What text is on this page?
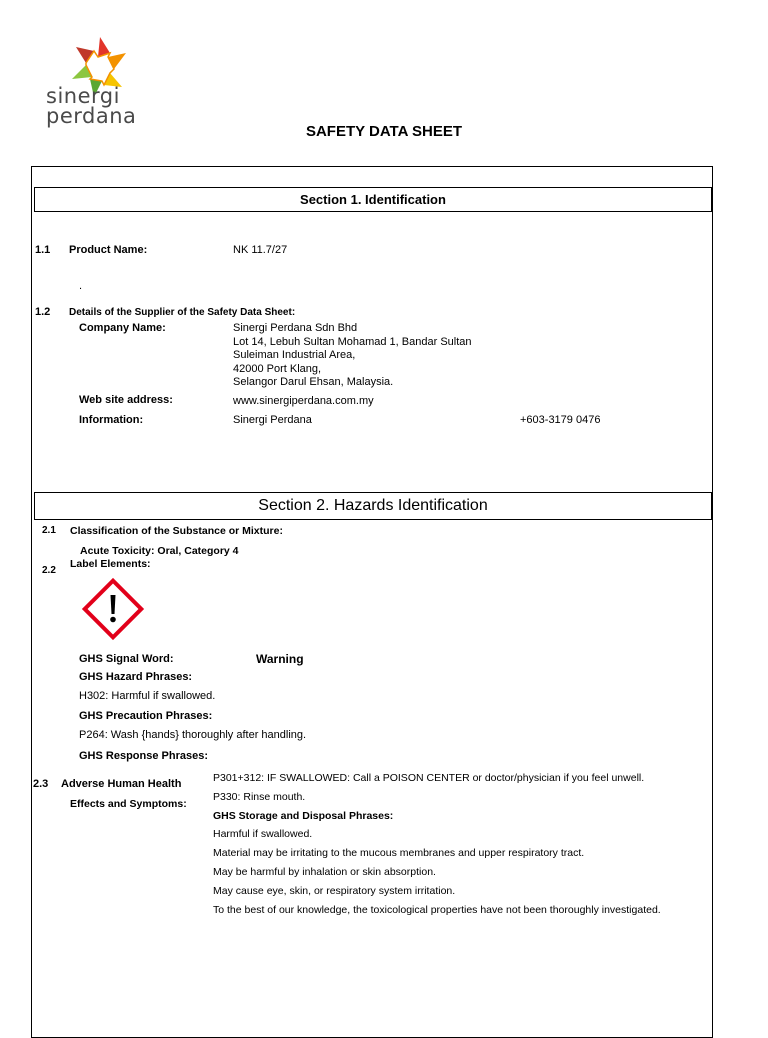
sinergi
perdana
SAFETY DATA SHEET
Section 1. Identification
1.1 Product Name:	NK 11.7/27
.
1.2 Details of the Supplier of the Safety Data Sheet:
Company Name:	Sinergi Perdana Sdn Bhd
Lot 14, Lebuh Sultan Mohamad 1, Bandar Sultan
Suleiman Industrial Area,
42000 Port Klang,
Selangor Darul Ehsan, Malaysia.
Web site address:	www.sinergiperdana.com.my
Information:	Sinergi Perdana	+603-3179 0476
Section 2. Hazards Identification
2.1 Classification of the Substance or Mixture:
Acute Toxicity: Oral, Category 4
2.2
Label Elements:
GHS Signal Word:	Warning
GHS Hazard Phrases:
H302: Harmful if swallowed.
GHS Precaution Phrases:
P264: Wash {hands} thoroughly after handling.
GHS Response Phrases:
2.3 Adverse Human Health
Effects and Symptoms:
P301+312: IF SWALLOWED: Call a POISON CENTER or doctor/physician if you feel unwell.
P330: Rinse mouth.
GHS Storage and Disposal Phrases:
Harmful if swallowed.
Material may be irritating to the mucous membranes and upper respiratory tract.
May be harmful by inhalation or skin absorption.
May cause eye, skin, or respiratory system irritation.
To the best of our knowledge, the toxicological properties have not been thoroughly investigated.
